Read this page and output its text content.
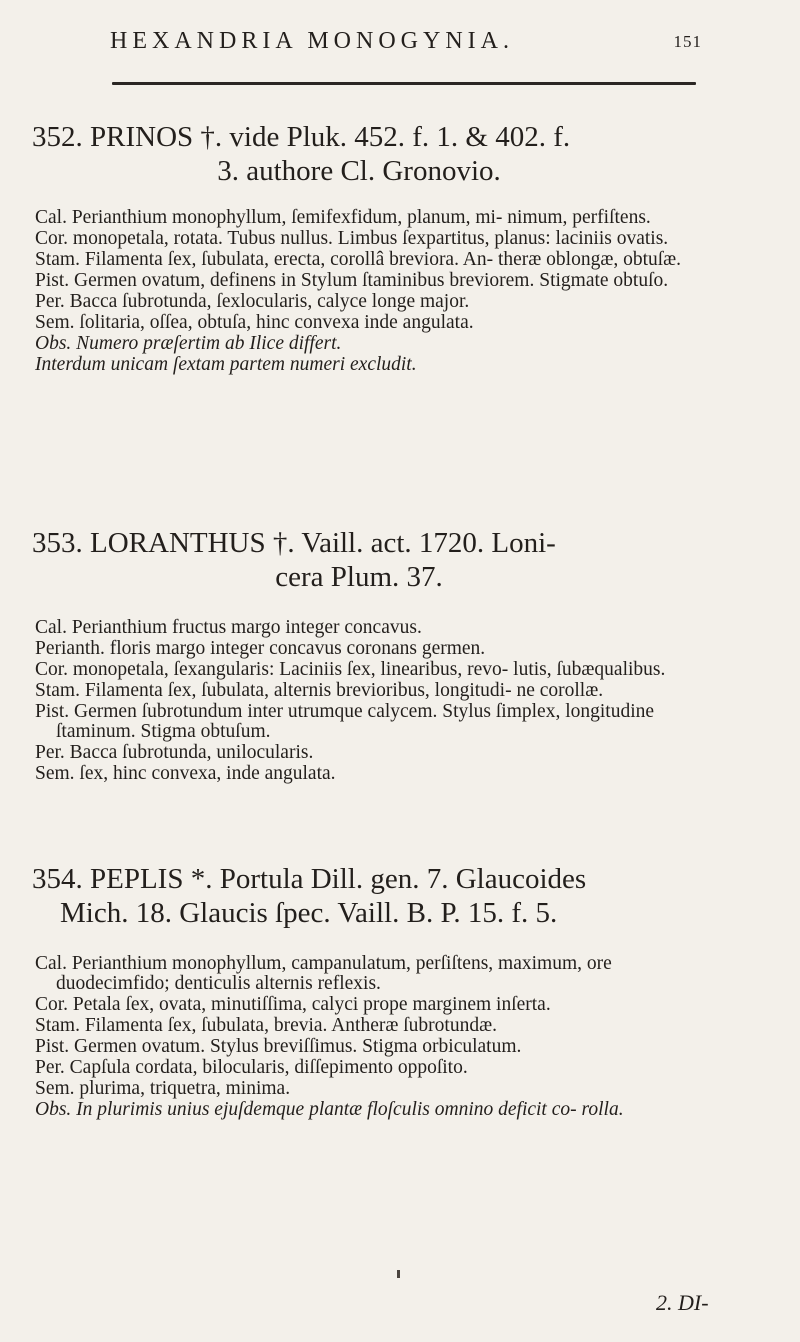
HEXANDRIA MONOGYNIA.	151
352. PRINOS †. vide Pluk. 452. f. 1. & 402. f.
3. authore Cl. Gronovio.

Cal. Perianthium monophyllum, ſemifexfidum, planum, mi- nimum, perfiſtens.

Cor. monopetala, rotata. Tubus nullus. Limbus ſexpartitus, planus: laciniis ovatis.

Stam. Filamenta ſex, ſubulata, erecta, corollâ breviora. An- theræ oblongæ, obtuſæ.

Pist. Germen ovatum, definens in Stylum ſtaminibus breviorem. Stigmate obtuſo.

Per. Bacca ſubrotunda, ſexlocularis, calyce longe major.

Sem. ſolitaria, oſſea, obtuſa, hinc convexa inde angulata.

Obs. Numero præſertim ab Ilice differt.

Interdum unicam ſextam partem numeri excludit.

353. LORANTHUS †. Vaill. act. 1720. Loni-
cera Plum. 37.

Cal. Perianthium fructus margo integer concavus.

Perianth. floris margo integer concavus coronans germen.

Cor. monopetala, ſexangularis: Laciniis ſex, linearibus, revo- lutis, ſubæqualibus.

Stam. Filamenta ſex, ſubulata, alternis brevioribus, longitudi- ne corollæ.

Pist. Germen ſubrotundum inter utrumque calycem. Stylus ſimplex, longitudine ſtaminum. Stigma obtuſum.

Per. Bacca ſubrotunda, unilocularis.

Sem. ſex, hinc convexa, inde angulata.

354. PEPLIS *. Portula Dill. gen. 7. Glaucoides
Mich. 18. Glaucis ſpec. Vaill. B. P. 15. f. 5.

Cal. Perianthium monophyllum, campanulatum, perſiſtens, maximum, ore duodecimfido; denticulis alternis reflexis.

Cor. Petala ſex, ovata, minutiſſima, calyci prope marginem inſerta.

Stam. Filamenta ſex, ſubulata, brevia. Antheræ ſubrotundæ.

Pist. Germen ovatum. Stylus breviſſimus. Stigma orbiculatum.

Per. Capſula cordata, bilocularis, diſſepimento oppoſito.

Sem. plurima, triquetra, minima.

Obs. In plurimis unius ejuſdemque plantæ floſculis omnino deficit co- rolla.

2. DI-
